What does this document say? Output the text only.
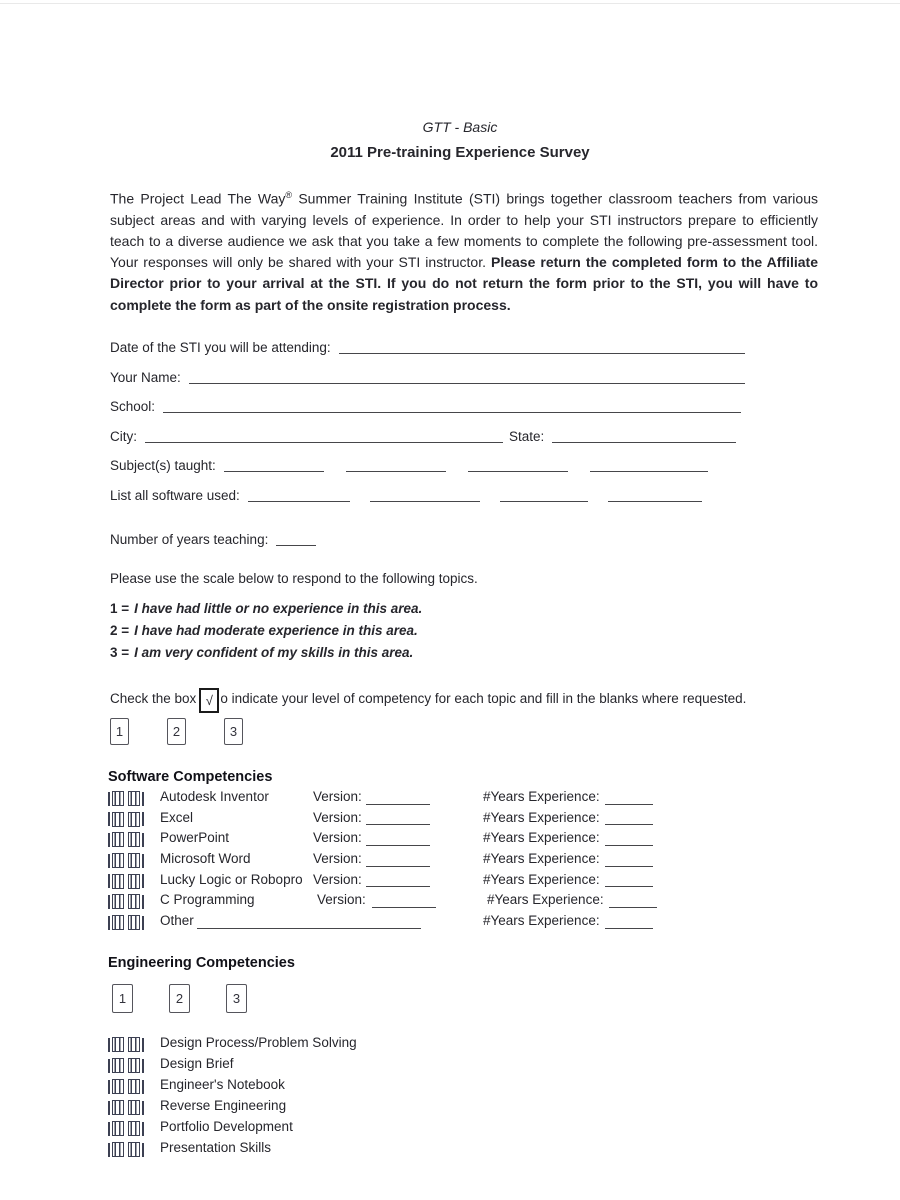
GTT - Basic
2011 Pre-training Experience Survey

The Project Lead The Way® Summer Training Institute (STI) brings together classroom teachers from various subject areas and with varying levels of experience. In order to help your STI instructors prepare to efficiently teach to a diverse audience we ask that you take a few moments to complete the following pre-assessment tool. Your responses will only be shared with your STI instructor. Please return the completed form to the Affiliate Director prior to your arrival at the STI. If you do not return the form prior to the STI, you will have to complete the form as part of the onsite registration process.

Date of the STI you will be attending:
Your Name:
School:
City:	State:
Subject(s) taught:
List all software used:
Number of years teaching:
Please use the scale below to respond to the following topics.
1 = I have had little or no experience in this area.
2 = I have had moderate experience in this area.
3 = I am very confident of my skills in this area.
Check the box √ o indicate your level of competency for each topic and fill in the blanks where requested.
1	2	3
Software Competencies
Autodesk Inventor	Version:	#Years Experience:
Excel	Version:	#Years Experience:
PowerPoint	Version:	#Years Experience:
Microsoft Word	Version:	#Years Experience:
Lucky Logic or Robopro Version:	#Years Experience:
C Programming	Version:	#Years Experience:
Other	#Years Experience:
Engineering Competencies
1	2	3
Design Process/Problem Solving
Design Brief
Engineer's Notebook
Reverse Engineering
Portfolio Development
Presentation Skills
